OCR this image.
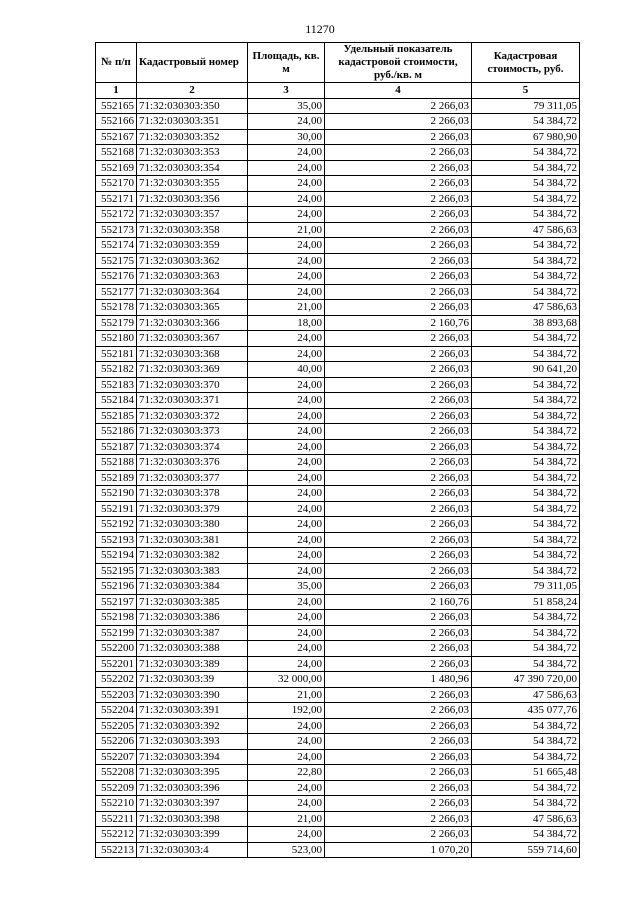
11270
№ п/п	Кадастровый номер	Площадь, кв. м	Удельный показатель кадастровой стоимости, руб./кв. м	Кадастровая стоимость, руб.
1	2	3	4	5
552165	71:32:030303:350	35,00	2 266,03	79 311,05
552166	71:32:030303:351	24,00	2 266,03	54 384,72
552167	71:32:030303:352	30,00	2 266,03	67 980,90
552168	71:32:030303:353	24,00	2 266,03	54 384,72
552169	71:32:030303:354	24,00	2 266,03	54 384,72
552170	71:32:030303:355	24,00	2 266,03	54 384,72
552171	71:32:030303:356	24,00	2 266,03	54 384,72
552172	71:32:030303:357	24,00	2 266,03	54 384,72
552173	71:32:030303:358	21,00	2 266,03	47 586,63
552174	71:32:030303:359	24,00	2 266,03	54 384,72
552175	71:32:030303:362	24,00	2 266,03	54 384,72
552176	71:32:030303:363	24,00	2 266,03	54 384,72
552177	71:32:030303:364	24,00	2 266,03	54 384,72
552178	71:32:030303:365	21,00	2 266,03	47 586,63
552179	71:32:030303:366	18,00	2 160,76	38 893,68
552180	71:32:030303:367	24,00	2 266,03	54 384,72
552181	71:32:030303:368	24,00	2 266,03	54 384,72
552182	71:32:030303:369	40,00	2 266,03	90 641,20
552183	71:32:030303:370	24,00	2 266,03	54 384,72
552184	71:32:030303:371	24,00	2 266,03	54 384,72
552185	71:32:030303:372	24,00	2 266,03	54 384,72
552186	71:32:030303:373	24,00	2 266,03	54 384,72
552187	71:32:030303:374	24,00	2 266,03	54 384,72
552188	71:32:030303:376	24,00	2 266,03	54 384,72
552189	71:32:030303:377	24,00	2 266,03	54 384,72
552190	71:32:030303:378	24,00	2 266,03	54 384,72
552191	71:32:030303:379	24,00	2 266,03	54 384,72
552192	71:32:030303:380	24,00	2 266,03	54 384,72
552193	71:32:030303:381	24,00	2 266,03	54 384,72
552194	71:32:030303:382	24,00	2 266,03	54 384,72
552195	71:32:030303:383	24,00	2 266,03	54 384,72
552196	71:32:030303:384	35,00	2 266,03	79 311,05
552197	71:32:030303:385	24,00	2 160,76	51 858,24
552198	71:32:030303:386	24,00	2 266,03	54 384,72
552199	71:32:030303:387	24,00	2 266,03	54 384,72
552200	71:32:030303:388	24,00	2 266,03	54 384,72
552201	71:32:030303:389	24,00	2 266,03	54 384,72
552202	71:32:030303:39	32 000,00	1 480,96	47 390 720,00
552203	71:32:030303:390	21,00	2 266,03	47 586,63
552204	71:32:030303:391	192,00	2 266,03	435 077,76
552205	71:32:030303:392	24,00	2 266,03	54 384,72
552206	71:32:030303:393	24,00	2 266,03	54 384,72
552207	71:32:030303:394	24,00	2 266,03	54 384,72
552208	71:32:030303:395	22,80	2 266,03	51 665,48
552209	71:32:030303:396	24,00	2 266,03	54 384,72
552210	71:32:030303:397	24,00	2 266,03	54 384,72
552211	71:32:030303:398	21,00	2 266,03	47 586,63
552212	71:32:030303:399	24,00	2 266,03	54 384,72
552213	71:32:030303:4	523,00	1 070,20	559 714,60
